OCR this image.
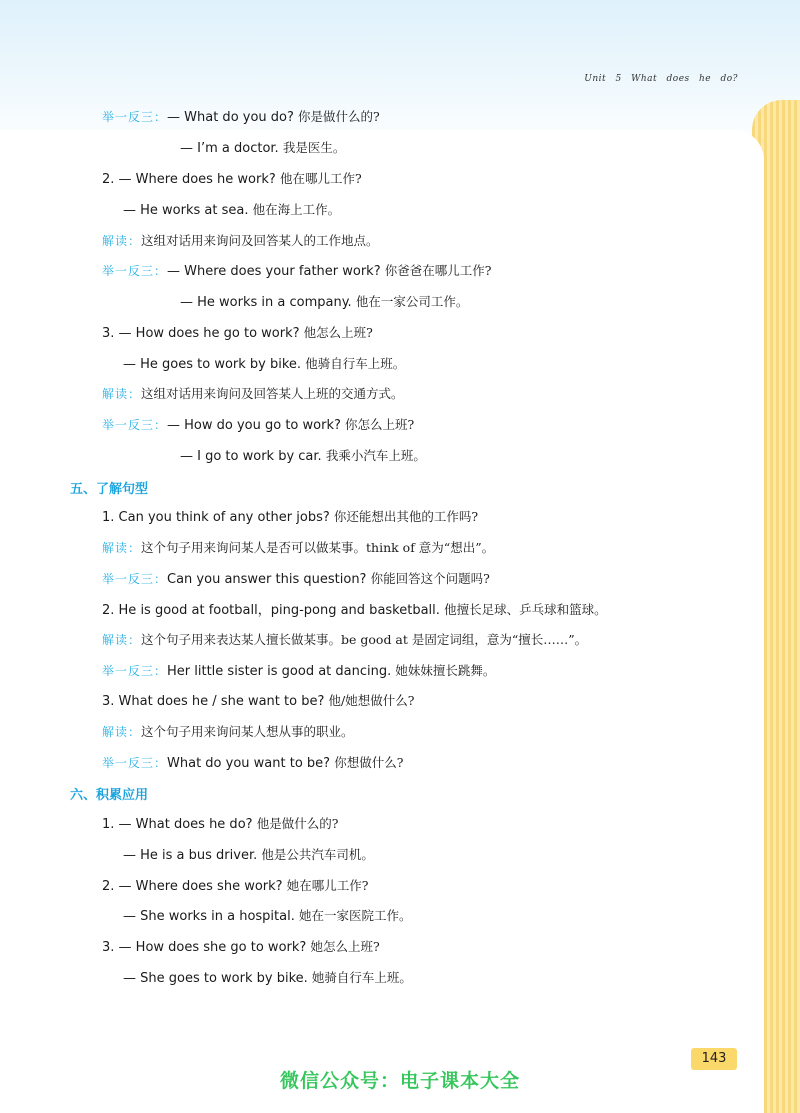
Unit 5 What does he do?
举一反三：— What do you do? 你是做什么的?
— I’m a doctor. 我是医生。
2. — Where does he work? 他在哪儿工作?
— He works at sea. 他在海上工作。
解读：这组对话用来询问及回答某人的工作地点。
举一反三：— Where does your father work? 你爸爸在哪儿工作?
— He works in a company. 他在一家公司工作。
3. — How does he go to work? 他怎么上班?
— He goes to work by bike. 他骑自行车上班。
解读：这组对话用来询问及回答某人上班的交通方式。
举一反三：— How do you go to work? 你怎么上班?
— I go to work by car. 我乘小汽车上班。
五、了解句型
1. Can you think of any other jobs? 你还能想出其他的工作吗?
解读：这个句子用来询问某人是否可以做某事。think of 意为“想出”。
举一反三：Can you answer this question? 你能回答这个问题吗?
2. He is good at football，ping-pong and basketball. 他擅长足球、乒乓球和篮球。
解读：这个句子用来表达某人擅长做某事。be good at 是固定词组，意为“擅长……”。
举一反三：Her little sister is good at dancing. 她妹妹擅长跳舞。
3. What does he / she want to be? 他/她想做什么?
解读：这个句子用来询问某人想从事的职业。
举一反三：What do you want to be? 你想做什么?
六、积累应用
1. — What does he do? 他是做什么的?
— He is a bus driver. 他是公共汽车司机。
2. — Where does she work? 她在哪儿工作?
— She works in a hospital. 她在一家医院工作。
3. — How does she go to work? 她怎么上班?
— She goes to work by bike. 她骑自行车上班。
143
微信公众号：电子课本大全
